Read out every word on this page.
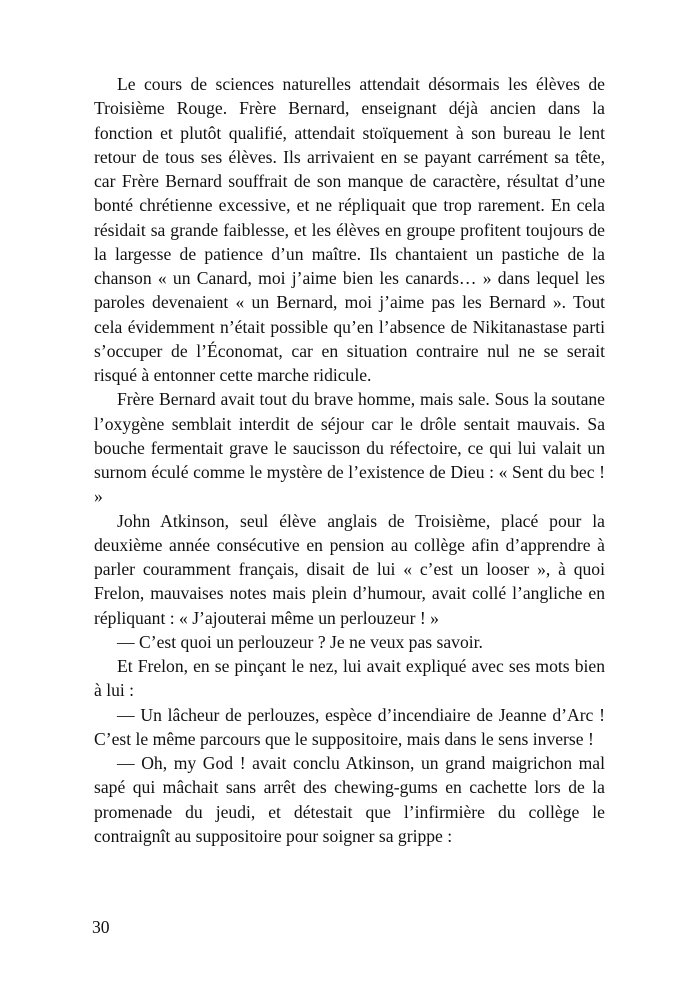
Le cours de sciences naturelles attendait désormais les élèves de Troisième Rouge. Frère Bernard, enseignant déjà ancien dans la fonction et plutôt qualifié, attendait stoïquement à son bureau le lent retour de tous ses élèves. Ils arrivaient en se payant carrément sa tête, car Frère Bernard souffrait de son manque de caractère, résultat d’une bonté chrétienne excessive, et ne répliquait que trop rarement. En cela résidait sa grande faiblesse, et les élèves en groupe profitent toujours de la largesse de patience d’un maître. Ils chantaient un pastiche de la chanson « un Canard, moi j’aime bien les canards… » dans lequel les paroles devenaient « un Bernard, moi j’aime pas les Bernard ». Tout cela évidemment n’était possible qu’en l’absence de Nikitanastase parti s’occuper de l’Économat, car en situation contraire nul ne se serait risqué à entonner cette marche ridicule.

Frère Bernard avait tout du brave homme, mais sale. Sous la soutane l’oxygène semblait interdit de séjour car le drôle sentait mauvais. Sa bouche fermentait grave le saucisson du réfectoire, ce qui lui valait un surnom éculé comme le mystère de l’existence de Dieu : « Sent du bec ! »

John Atkinson, seul élève anglais de Troisième, placé pour la deuxième année consécutive en pension au collège afin d’apprendre à parler couramment français, disait de lui « c’est un looser », à quoi Frelon, mauvaises notes mais plein d’humour, avait collé l’angliche en répliquant : « J’ajouterai même un perlouzeur ! »

— C’est quoi un perlouzeur ? Je ne veux pas savoir.

Et Frelon, en se pinçant le nez, lui avait expliqué avec ses mots bien à lui :

— Un lâcheur de perlouzes, espèce d’incendiaire de Jeanne d’Arc ! C’est le même parcours que le suppositoire, mais dans le sens inverse !

— Oh, my God ! avait conclu Atkinson, un grand maigrichon mal sapé qui mâchait sans arrêt des chewing-gums en cachette lors de la promenade du jeudi, et détestait que l’infirmière du collège le contraignît au suppositoire pour soigner sa grippe :

30
